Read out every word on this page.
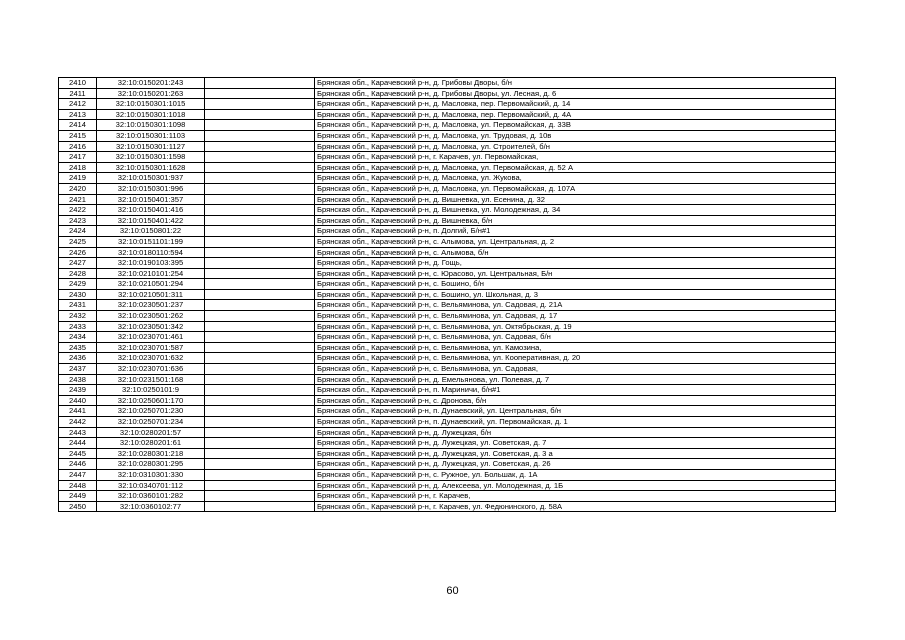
2410	32:10:0150201:243		Брянская обл., Карачевский р-н, д. Грибовы Дворы, б/н
2411	32:10:0150201:263		Брянская обл., Карачевский р-н, д. Грибовы Дворы, ул. Лесная, д. 6
2412	32:10:0150301:1015		Брянская обл., Карачевский р-н, д. Масловка, пер. Первомайский, д. 14
2413	32:10:0150301:1018		Брянская обл., Карачевский р-н, д. Масловка, пер. Первомайский, д. 4А
2414	32:10:0150301:1098		Брянская обл., Карачевский р-н, д. Масловка, ул. Первомайская, д. 33В
2415	32:10:0150301:1103		Брянская обл., Карачевский р-н, д. Масловка, ул. Трудовая, д. 10в
2416	32:10:0150301:1127		Брянская обл., Карачевский р-н, д. Масловка, ул. Строителей, б/н
2417	32:10:0150301:1598		Брянская обл., Карачевский р-н, г. Карачев, ул. Первомайская,
2418	32:10:0150301:1628		Брянская обл., Карачевский р-н, д. Масловка, ул. Первомайская, д. 52 А
2419	32:10:0150301:937		Брянская обл., Карачевский р-н, д. Масловка, ул. Жукова,
2420	32:10:0150301:996		Брянская обл., Карачевский р-н, д. Масловка, ул. Первомайская, д. 107А
2421	32:10:0150401:357		Брянская обл., Карачевский р-н, д. Вишневка, ул. Есенина, д. 32
2422	32:10:0150401:416		Брянская обл., Карачевский р-н, д. Вишневка, ул. Молодежная, д. 34
2423	32:10:0150401:422		Брянская обл., Карачевский р-н, д. Вишневка, б/н
2424	32:10:0150801:22		Брянская обл., Карачевский р-н, п. Долгий, Б/н#1
2425	32:10:0151101:199		Брянская обл., Карачевский р-н, с. Алымова, ул. Центральная, д. 2
2426	32:10:0180110:594		Брянская обл., Карачевский р-н, с. Алымова, б/н
2427	32:10:0190103:395		Брянская обл., Карачевский р-н, д. Гощь,
2428	32:10:0210101:254		Брянская обл., Карачевский р-н, с. Юрасово, ул. Центральная, Б/н
2429	32:10:0210501:294		Брянская обл., Карачевский р-н, с. Бошино, б/н
2430	32:10:0210501:311		Брянская обл., Карачевский р-н, с. Бошино, ул. Школьная, д. 3
2431	32:10:0230501:237		Брянская обл., Карачевский р-н, с. Вельяминова, ул. Садовая, д. 21А
2432	32:10:0230501:262		Брянская обл., Карачевский р-н, с. Вельяминова, ул. Садовая, д. 17
2433	32:10:0230501:342		Брянская обл., Карачевский р-н, с. Вельяминова, ул. Октябрьская, д. 19
2434	32:10:0230701:461		Брянская обл., Карачевский р-н, с. Вельяминова, ул. Садовая, б/н
2435	32:10:0230701:587		Брянская обл., Карачевский р-н, с. Вельяминова, ул. Камозина,
2436	32:10:0230701:632		Брянская обл., Карачевский р-н, с. Вельяминова, ул. Кооперативная, д. 20
2437	32:10:0230701:636		Брянская обл., Карачевский р-н, с. Вельяминова, ул. Садовая,
2438	32:10:0231501:168		Брянская обл., Карачевский р-н, д. Емельянова, ул. Полевая, д. 7
2439	32:10:0250101:9		Брянская обл., Карачевский р-н, п. Мариничи, б/н#1
2440	32:10:0250601:170		Брянская обл., Карачевский р-н, с. Дронова, б/н
2441	32:10:0250701:230		Брянская обл., Карачевский р-н, п. Дунаевский, ул. Центральная, б/н
2442	32:10:0250701:234		Брянская обл., Карачевский р-н, п. Дунаевский, ул. Первомайская, д. 1
2443	32:10:0280201:57		Брянская обл., Карачевский р-н, д. Лужецкая, б/н
2444	32:10:0280201:61		Брянская обл., Карачевский р-н, д. Лужецкая, ул. Советская, д. 7
2445	32:10:0280301:218		Брянская обл., Карачевский р-н, д. Лужецкая, ул. Советская, д. 3 а
2446	32:10:0280301:295		Брянская обл., Карачевский р-н, д. Лужецкая, ул. Советская, д. 26
2447	32:10:0310301:330		Брянская обл., Карачевский р-н, с. Ружное, ул. Большак, д. 1А
2448	32:10:0340701:112		Брянская обл., Карачевский р-н, д. Алексеева, ул. Молодежная, д. 1Б
2449	32:10:0360101:282		Брянская обл., Карачевский р-н, г. Карачев,
2450	32:10:0360102:77		Брянская обл., Карачевский р-н, г. Карачев, ул. Федюнинского, д. 58А
60
